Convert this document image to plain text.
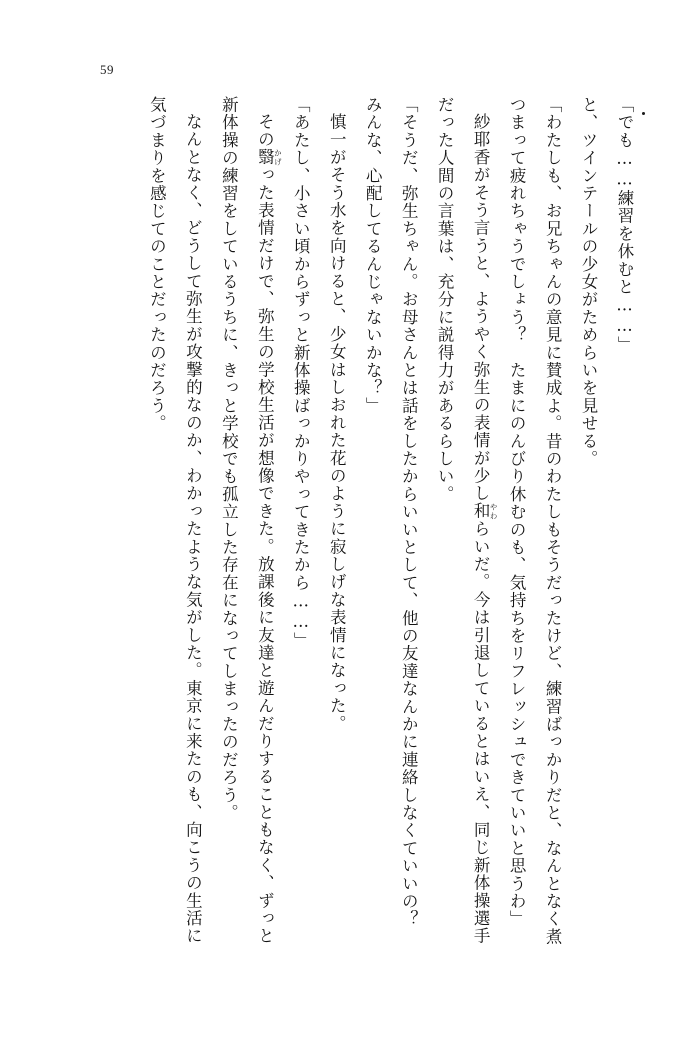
59

「でも……練習を休むと……」

と、ツインテールの少女がためらいを見せる。

「わたしも、お兄ちゃんの意見に賛成よ。昔のわたしもそうだったけど、練習ばっかりだと、なんとなく煮つまって疲れちゃうでしょう？　たまにのんびり休むのも、気持ちをリフレッシュできていいと思うわ」

紗耶香がそう言うと、ようやく弥生の表情が少し和 やわらいだ。今は引退しているとはいえ、同じ新体操選手だった人間の言葉は、充分に説得力があるらしい。

「そうだ、弥生ちゃん。お母さんとは話をしたからいいとして、他の友達なんかに連絡しなくていいの？　みんな、心配してるんじゃないかな？」

慎一がそう水を向けると、少女はしおれた花のように寂しげな表情になった。

「あたし、小さい頃からずっと新体操ばっかりやってきたから……」

その翳 かげった表情だけで、弥生の学校生活が想像できた。放課後に友達と遊んだりすることもなく、ずっと新体操の練習をしているうちに、きっと学校でも孤立した存在になってしまったのだろう。

なんとなく、どうして弥生が攻撃的なのか、わかったような気がした。東京に来たのも、向こうの生活に気づまりを感じてのことだったのだろう。
